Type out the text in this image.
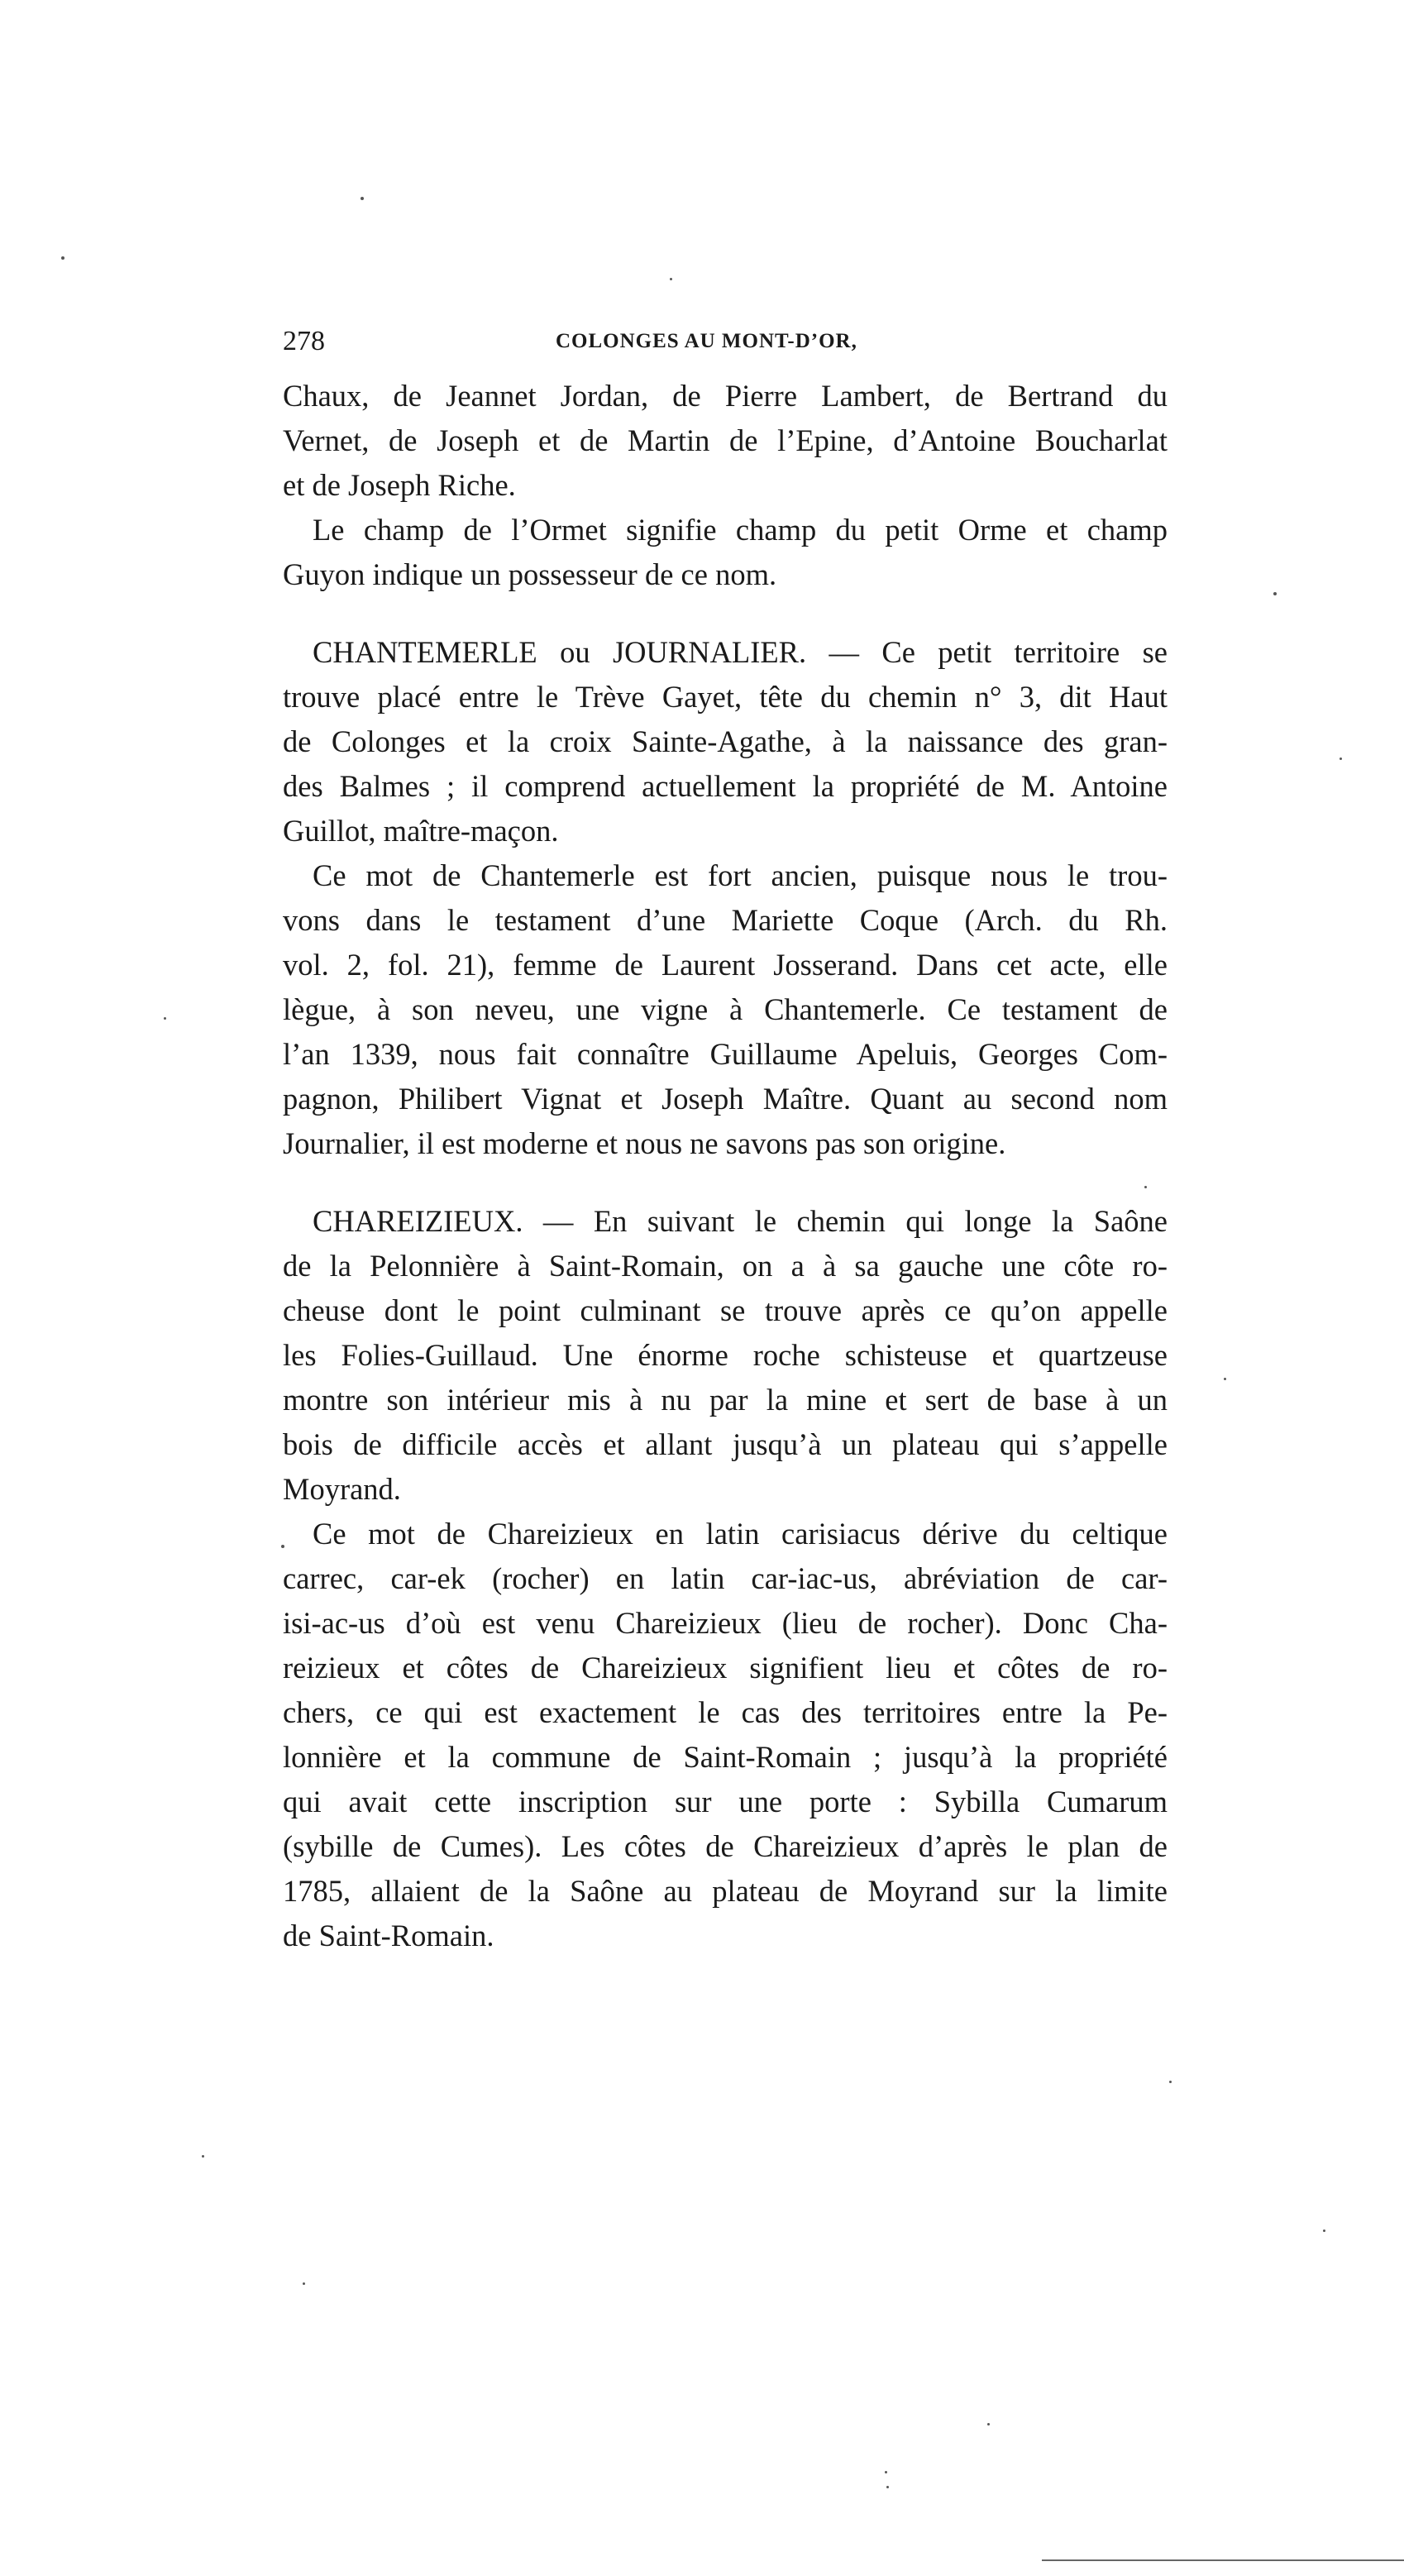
278	COLONGES AU MONT-D’OR,
Chaux, de Jeannet Jordan, de Pierre Lambert, de Bertrand du
Vernet, de Joseph et de Martin de l’Epine, d’Antoine Boucharlat
et de Joseph Riche.
Le champ de l’Ormet signifie champ du petit Orme et champ
Guyon indique un possesseur de ce nom.
CHANTEMERLE ou JOURNALIER. — Ce petit territoire se
trouve placé entre le Trève Gayet, tête du chemin n° 3, dit Haut
de Colonges et la croix Sainte-Agathe, à la naissance des gran-
des Balmes ; il comprend actuellement la propriété de M. Antoine
Guillot, maître-maçon.
Ce mot de Chantemerle est fort ancien, puisque nous le trou-
vons dans le testament d’une Mariette Coque (Arch. du Rh.
vol. 2, fol. 21), femme de Laurent Josserand. Dans cet acte, elle
lègue, à son neveu, une vigne à Chantemerle. Ce testament de
l’an 1339, nous fait connaître Guillaume Apeluis, Georges Com-
pagnon, Philibert Vignat et Joseph Maître. Quant au second nom
Journalier, il est moderne et nous ne savons pas son origine.
CHAREIZIEUX. — En suivant le chemin qui longe la Saône
de la Pelonnière à Saint-Romain, on a à sa gauche une côte ro-
cheuse dont le point culminant se trouve après ce qu’on appelle
les Folies-Guillaud. Une énorme roche schisteuse et quartzeuse
montre son intérieur mis à nu par la mine et sert de base à un
bois de difficile accès et allant jusqu’à un plateau qui s’appelle
Moyrand.
Ce mot de Chareizieux en latin carisiacus dérive du celtique
carrec, car-ek (rocher) en latin car-iac-us, abréviation de car-
isi-ac-us d’où est venu Chareizieux (lieu de rocher). Donc Cha-
reizieux et côtes de Chareizieux signifient lieu et côtes de ro-
chers, ce qui est exactement le cas des territoires entre la Pe-
lonnière et la commune de Saint-Romain ; jusqu’à la propriété
qui avait cette inscription sur une porte : Sybilla Cumarum
(sybille de Cumes). Les côtes de Chareizieux d’après le plan de
1785, allaient de la Saône au plateau de Moyrand sur la limite
de Saint-Romain.
